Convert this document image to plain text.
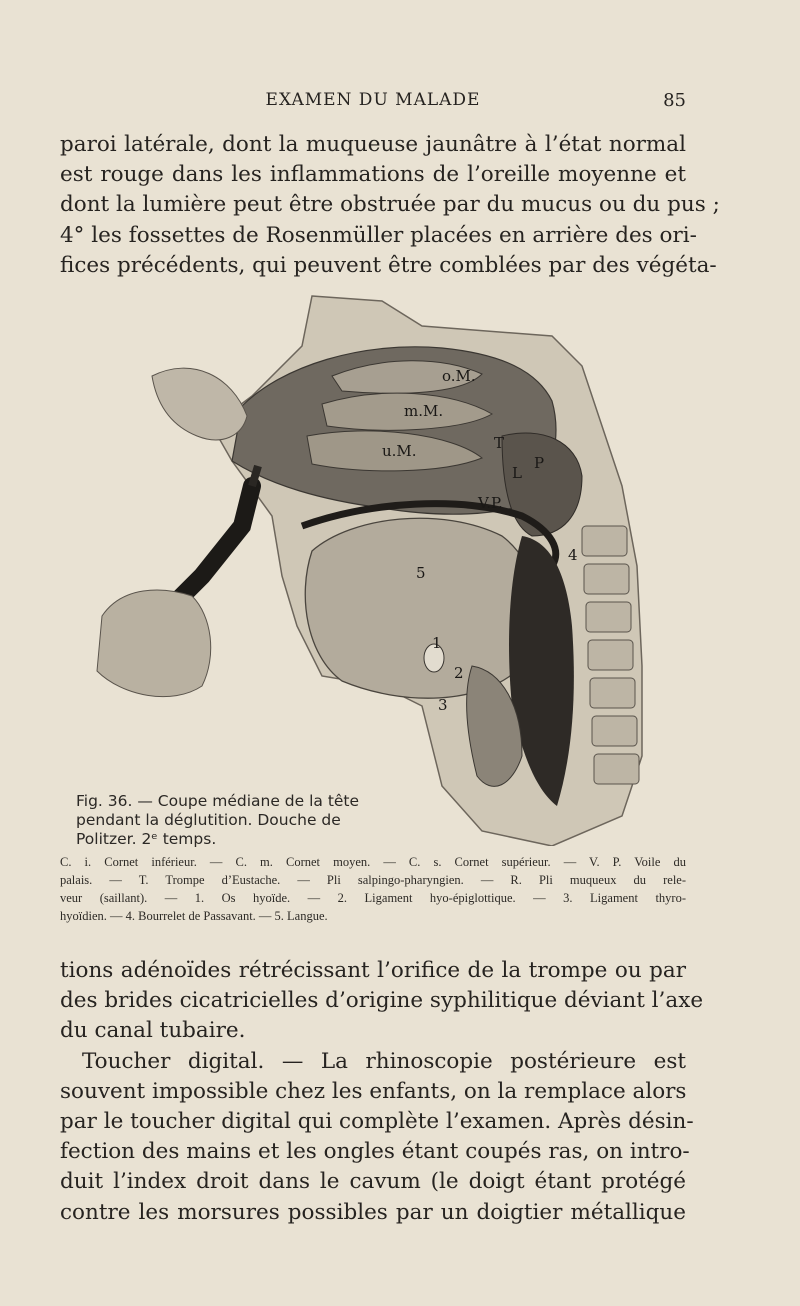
EXAMEN DU MALADE	85

paroi latérale, dont la muqueuse jaunâtre à l’état normal
est rouge dans les inflammations de l’oreille moyenne et
dont la lumière peut être obstruée par du mucus ou du pus ;
4° les fossettes de Rosenmüller placées en arrière des ori-
fices précédents, qui peuvent être comblées par des végéta-

o.M.
m.M.
u.M.	T
L
P
V.P.
1
2
3
4
5
Fig. 36. — Coupe médiane de la tête
pendant la déglutition. Douche de
Politzer. 2ᵉ temps.
C. i. Cornet inférieur. — C. m. Cornet moyen. — C. s. Cornet supérieur. — V. P. Voile du
palais. — T. Trompe d’Eustache. — Pli salpingo-pharyngien. — R. Pli muqueux du rele-
veur (saillant). — 1. Os hyoïde. — 2. Ligament hyo-épiglottique. — 3. Ligament thyro-
hyoïdien. — 4. Bourrelet de Passavant. — 5. Langue.

tions adénoïdes rétrécissant l’orifice de la trompe ou par
des brides cicatricielles d’origine syphilitique déviant l’axe
du canal tubaire.
Toucher digital. — La rhinoscopie postérieure est
souvent impossible chez les enfants, on la remplace alors
par le toucher digital qui complète l’examen. Après désin-
fection des mains et les ongles étant coupés ras, on intro-
duit l’index droit dans le cavum (le doigt étant protégé
contre les morsures possibles par un doigtier métallique
